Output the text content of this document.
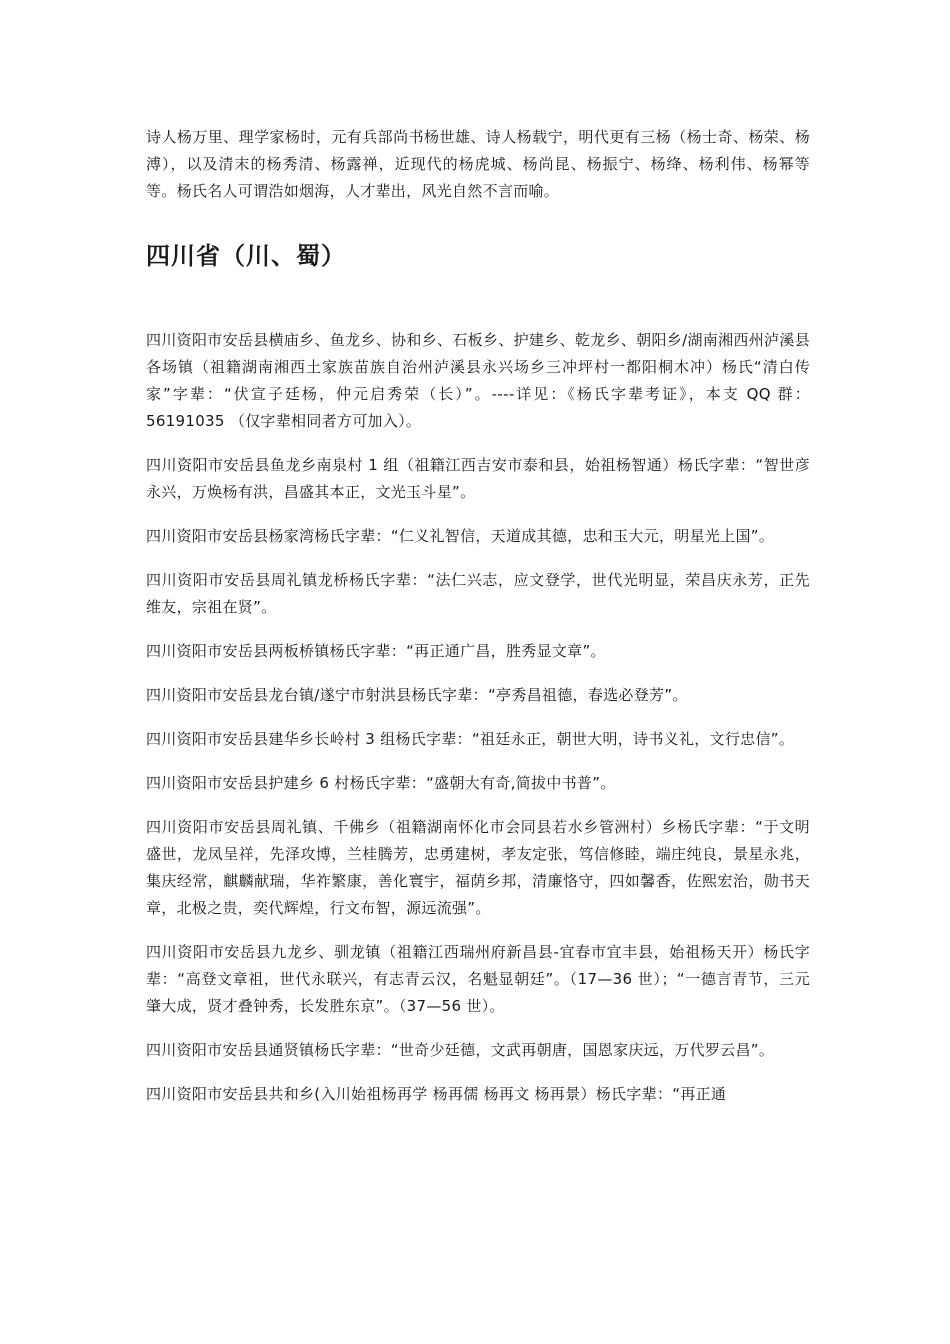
诗人杨万里、理学家杨时，元有兵部尚书杨世雄、诗人杨载宁，明代更有三杨（杨士奇、杨荣、杨溥），以及清末的杨秀清、杨露禅，近现代的杨虎城、杨尚昆、杨振宁、杨绛、杨利伟、杨幂等等。杨氏名人可谓浩如烟海，人才辈出，风光自然不言而喻。

四川省（川、蜀）

四川资阳市安岳县横庙乡、鱼龙乡、协和乡、石板乡、护建乡、乾龙乡、朝阳乡/湖南湘西州泸溪县各场镇（祖籍湖南湘西土家族苗族自治州泸溪县永兴场乡三冲坪村一都阳桐木冲）杨氏“清白传家”字辈：“伏宣子廷杨，仲元启秀荣（长）”。----详见：《杨氏字辈考证》，本支 QQ 群：56191035 （仅字辈相同者方可加入）。

四川资阳市安岳县鱼龙乡南泉村 1 组（祖籍江西吉安市泰和县，始祖杨智通）杨氏字辈：“智世彦永兴，万焕杨有洪，昌盛其本正，文光玉斗星”。

四川资阳市安岳县杨家湾杨氏字辈：“仁义礼智信，天道成其德，忠和玉大元，明星光上国”。

四川资阳市安岳县周礼镇龙桥杨氏字辈：“法仁兴志，应文登学，世代光明显，荣昌庆永芳，正先维友，宗祖在贤”。

四川资阳市安岳县两板桥镇杨氏字辈：“再正通广昌，胜秀显文章”。

四川资阳市安岳县龙台镇/遂宁市射洪县杨氏字辈：“亭秀昌祖德，春选必登芳”。

四川资阳市安岳县建华乡长岭村 3 组杨氏字辈：“祖廷永正，朝世大明，诗书义礼，文行忠信”。

四川资阳市安岳县护建乡 6 村杨氏字辈：“盛朝大有奇,简拔中书普”。

四川资阳市安岳县周礼镇、千佛乡（祖籍湖南怀化市会同县若水乡管洲村）乡杨氏字辈：“于文明盛世，龙凤呈祥，先泽攻博，兰桂腾芳，忠勇建树，孝友定张，笃信修睦，端庄纯良，景星永兆，集庆经常，麒麟献瑞，华祚繁康，善化寰宇，福荫乡邦，清廉恪守，四如馨香，佐熙宏治，勋书天章，北极之贵，奕代辉煌，行文布智，源远流强”。

四川资阳市安岳县九龙乡、驯龙镇（祖籍江西瑞州府新昌县-宜春市宜丰县，始祖杨天开）杨氏字辈：“高登文章祖，世代永联兴，有志青云汉，名魁显朝廷”。（17—36 世）；“一德言青节，三元肇大成，贤才叠钟秀，长发胜东京”。（37—56 世）。

四川资阳市安岳县通贤镇杨氏字辈：“世奇少廷德，文武再朝唐，国恩家庆远，万代罗云昌”。

四川资阳市安岳县共和乡(入川始祖杨再学 杨再儒 杨再文 杨再景）杨氏字辈：“再正通
